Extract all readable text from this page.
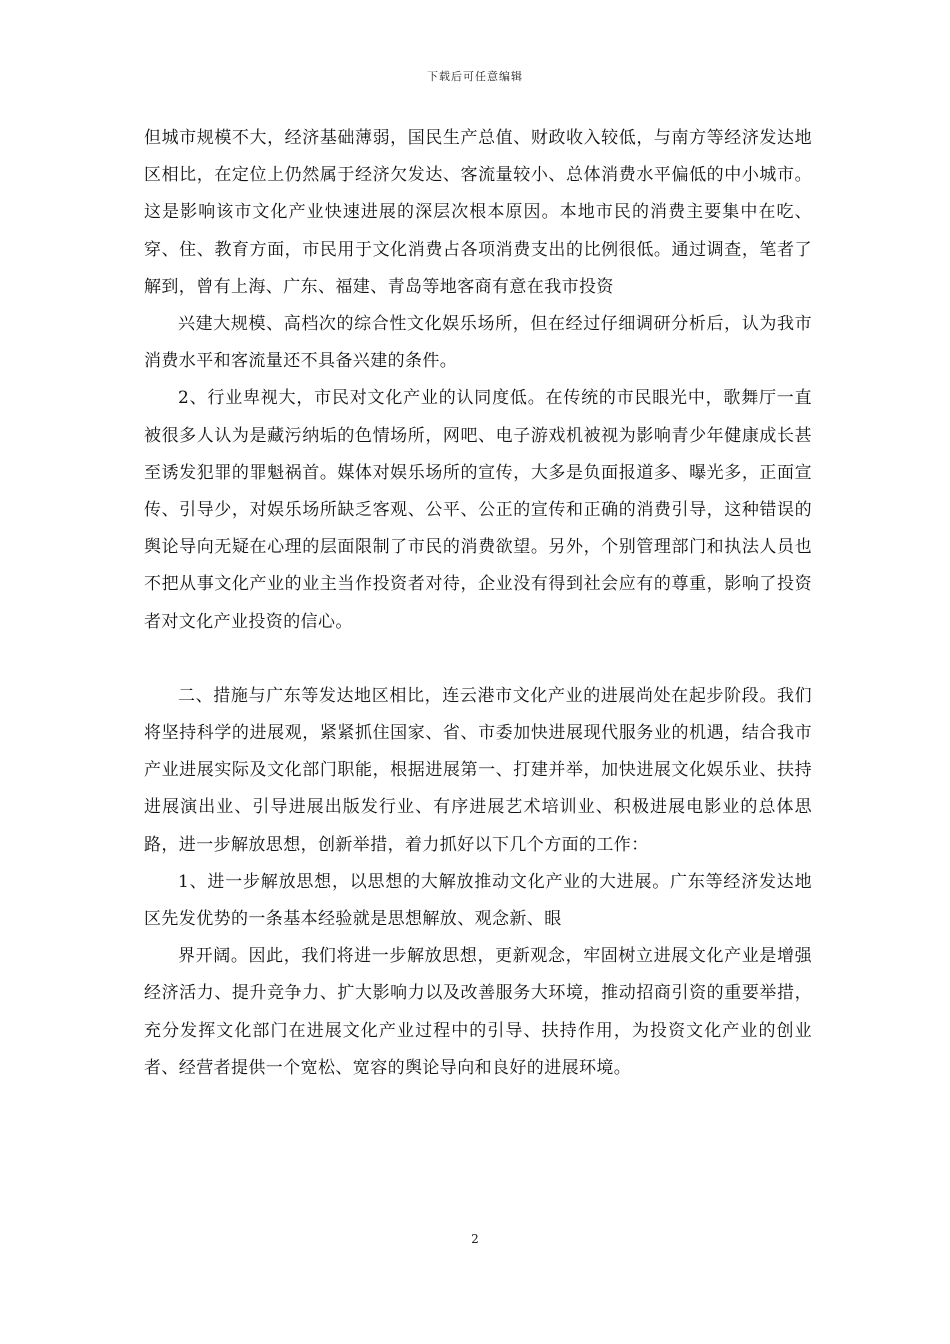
下载后可任意编辑

但城市规模不大，经济基础薄弱，国民生产总值、财政收入较低，与南方等经济发达地区相比，在定位上仍然属于经济欠发达、客流量较小、总体消费水平偏低的中小城市。这是影响该市文化产业快速进展的深层次根本原因。本地市民的消费主要集中在吃、穿、住、教育方面，市民用于文化消费占各项消费支出的比例很低。通过调查，笔者了解到，曾有上海、广东、福建、青岛等地客商有意在我市投资

兴建大规模、高档次的综合性文化娱乐场所，但在经过仔细调研分析后，认为我市消费水平和客流量还不具备兴建的条件。

2、行业卑视大，市民对文化产业的认同度低。在传统的市民眼光中，歌舞厅一直被很多人认为是藏污纳垢的色情场所，网吧、电子游戏机被视为影响青少年健康成长甚至诱发犯罪的罪魁祸首。媒体对娱乐场所的宣传，大多是负面报道多、曝光多，正面宣传、引导少，对娱乐场所缺乏客观、公平、公正的宣传和正确的消费引导，这种错误的舆论导向无疑在心理的层面限制了市民的消费欲望。另外，个别管理部门和执法人员也不把从事文化产业的业主当作投资者对待，企业没有得到社会应有的尊重，影响了投资者对文化产业投资的信心。

二、措施与广东等发达地区相比，连云港市文化产业的进展尚处在起步阶段。我们将坚持科学的进展观，紧紧抓住国家、省、市委加快进展现代服务业的机遇，结合我市产业进展实际及文化部门职能，根据进展第一、打建并举，加快进展文化娱乐业、扶持进展演出业、引导进展出版发行业、有序进展艺术培训业、积极进展电影业的总体思路，进一步解放思想，创新举措，着力抓好以下几个方面的工作：

1、进一步解放思想，以思想的大解放推动文化产业的大进展。广东等经济发达地区先发优势的一条基本经验就是思想解放、观念新、眼

界开阔。因此，我们将进一步解放思想，更新观念，牢固树立进展文化产业是增强经济活力、提升竞争力、扩大影响力以及改善服务大环境，推动招商引资的重要举措，充分发挥文化部门在进展文化产业过程中的引导、扶持作用，为投资文化产业的创业者、经营者提供一个宽松、宽容的舆论导向和良好的进展环境。

2
